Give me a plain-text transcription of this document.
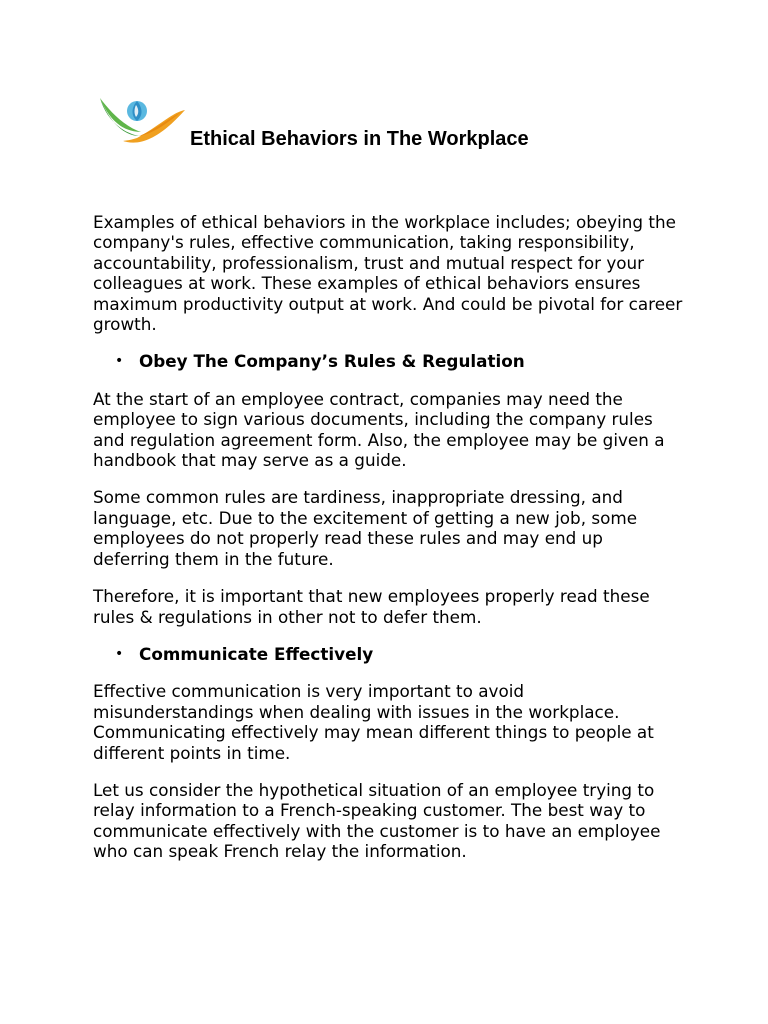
Ethical Behaviors in The Workplace

Examples of ethical behaviors in the workplace includes; obeying the company's rules, effective communication, taking responsibility, accountability, professionalism, trust and mutual respect for your colleagues at work. These examples of ethical behaviors ensures maximum productivity output at work. And could be pivotal for career growth.

• Obey The Company’s Rules & Regulation

At the start of an employee contract, companies may need the employee to sign various documents, including the company rules and regulation agreement form. Also, the employee may be given a handbook that may serve as a guide.

Some common rules are tardiness, inappropriate dressing, and language, etc. Due to the excitement of getting a new job, some employees do not properly read these rules and may end up deferring them in the future.

Therefore, it is important that new employees properly read these rules & regulations in other not to defer them.

• Communicate Effectively

Effective communication is very important to avoid misunderstandings when dealing with issues in the workplace. Communicating effectively may mean different things to people at different points in time.

Let us consider the hypothetical situation of an employee trying to relay information to a French-speaking customer. The best way to communicate effectively with the customer is to have an employee who can speak French relay the information.
